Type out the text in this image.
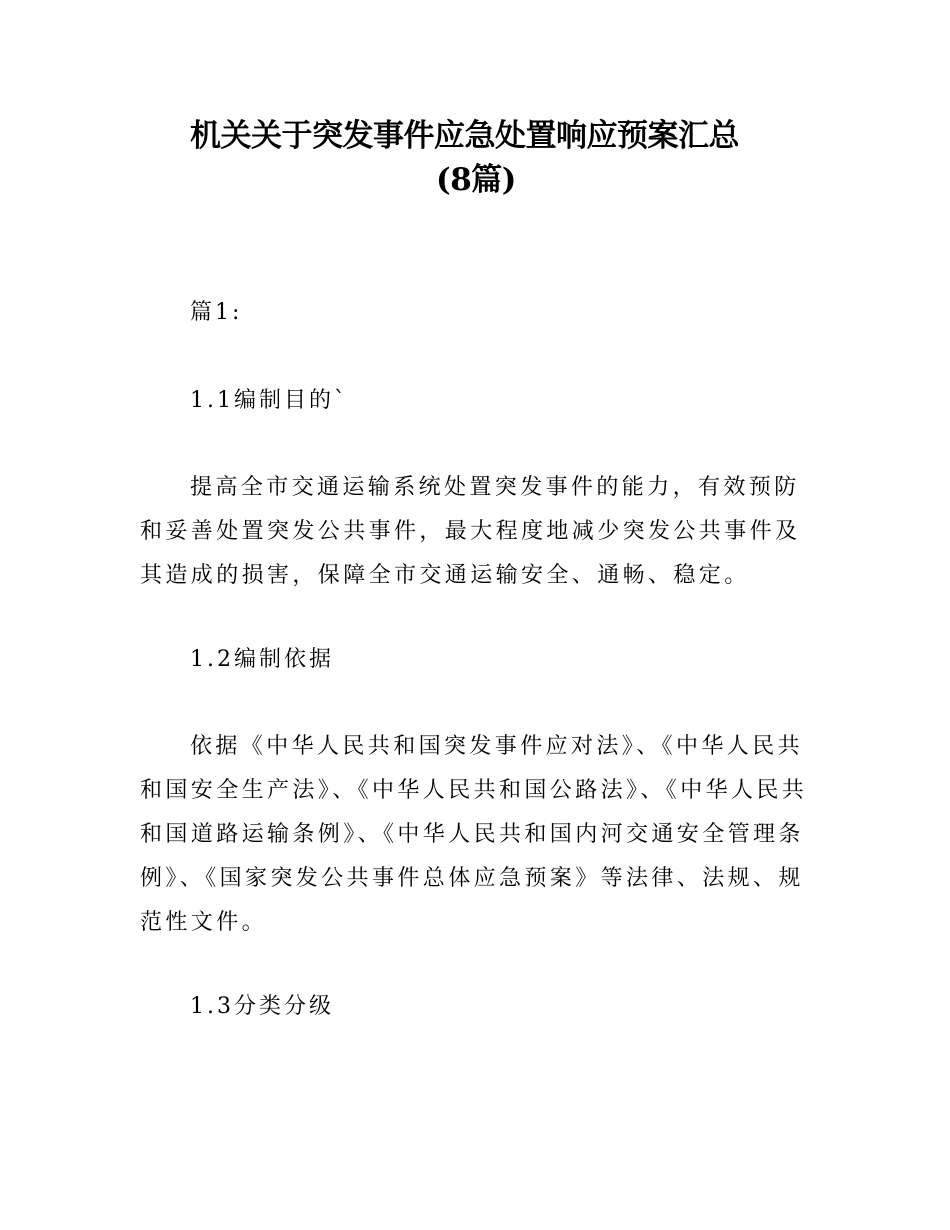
机关关于突发事件应急处置响应预案汇总
(8篇)
篇1:
1.1编制目的`
提高全市交通运输系统处置突发事件的能力，有效预防和妥善处置突发公共事件，最大程度地减少突发公共事件及其造成的损害，保障全市交通运输安全、通畅、稳定。
1.2编制依据
依据《中华人民共和国突发事件应对法》、《中华人民共和国安全生产法》、《中华人民共和国公路法》、《中华人民共和国道路运输条例》、《中华人民共和国内河交通安全管理条例》、《国家突发公共事件总体应急预案》等法律、法规、规范性文件。
1.3分类分级
